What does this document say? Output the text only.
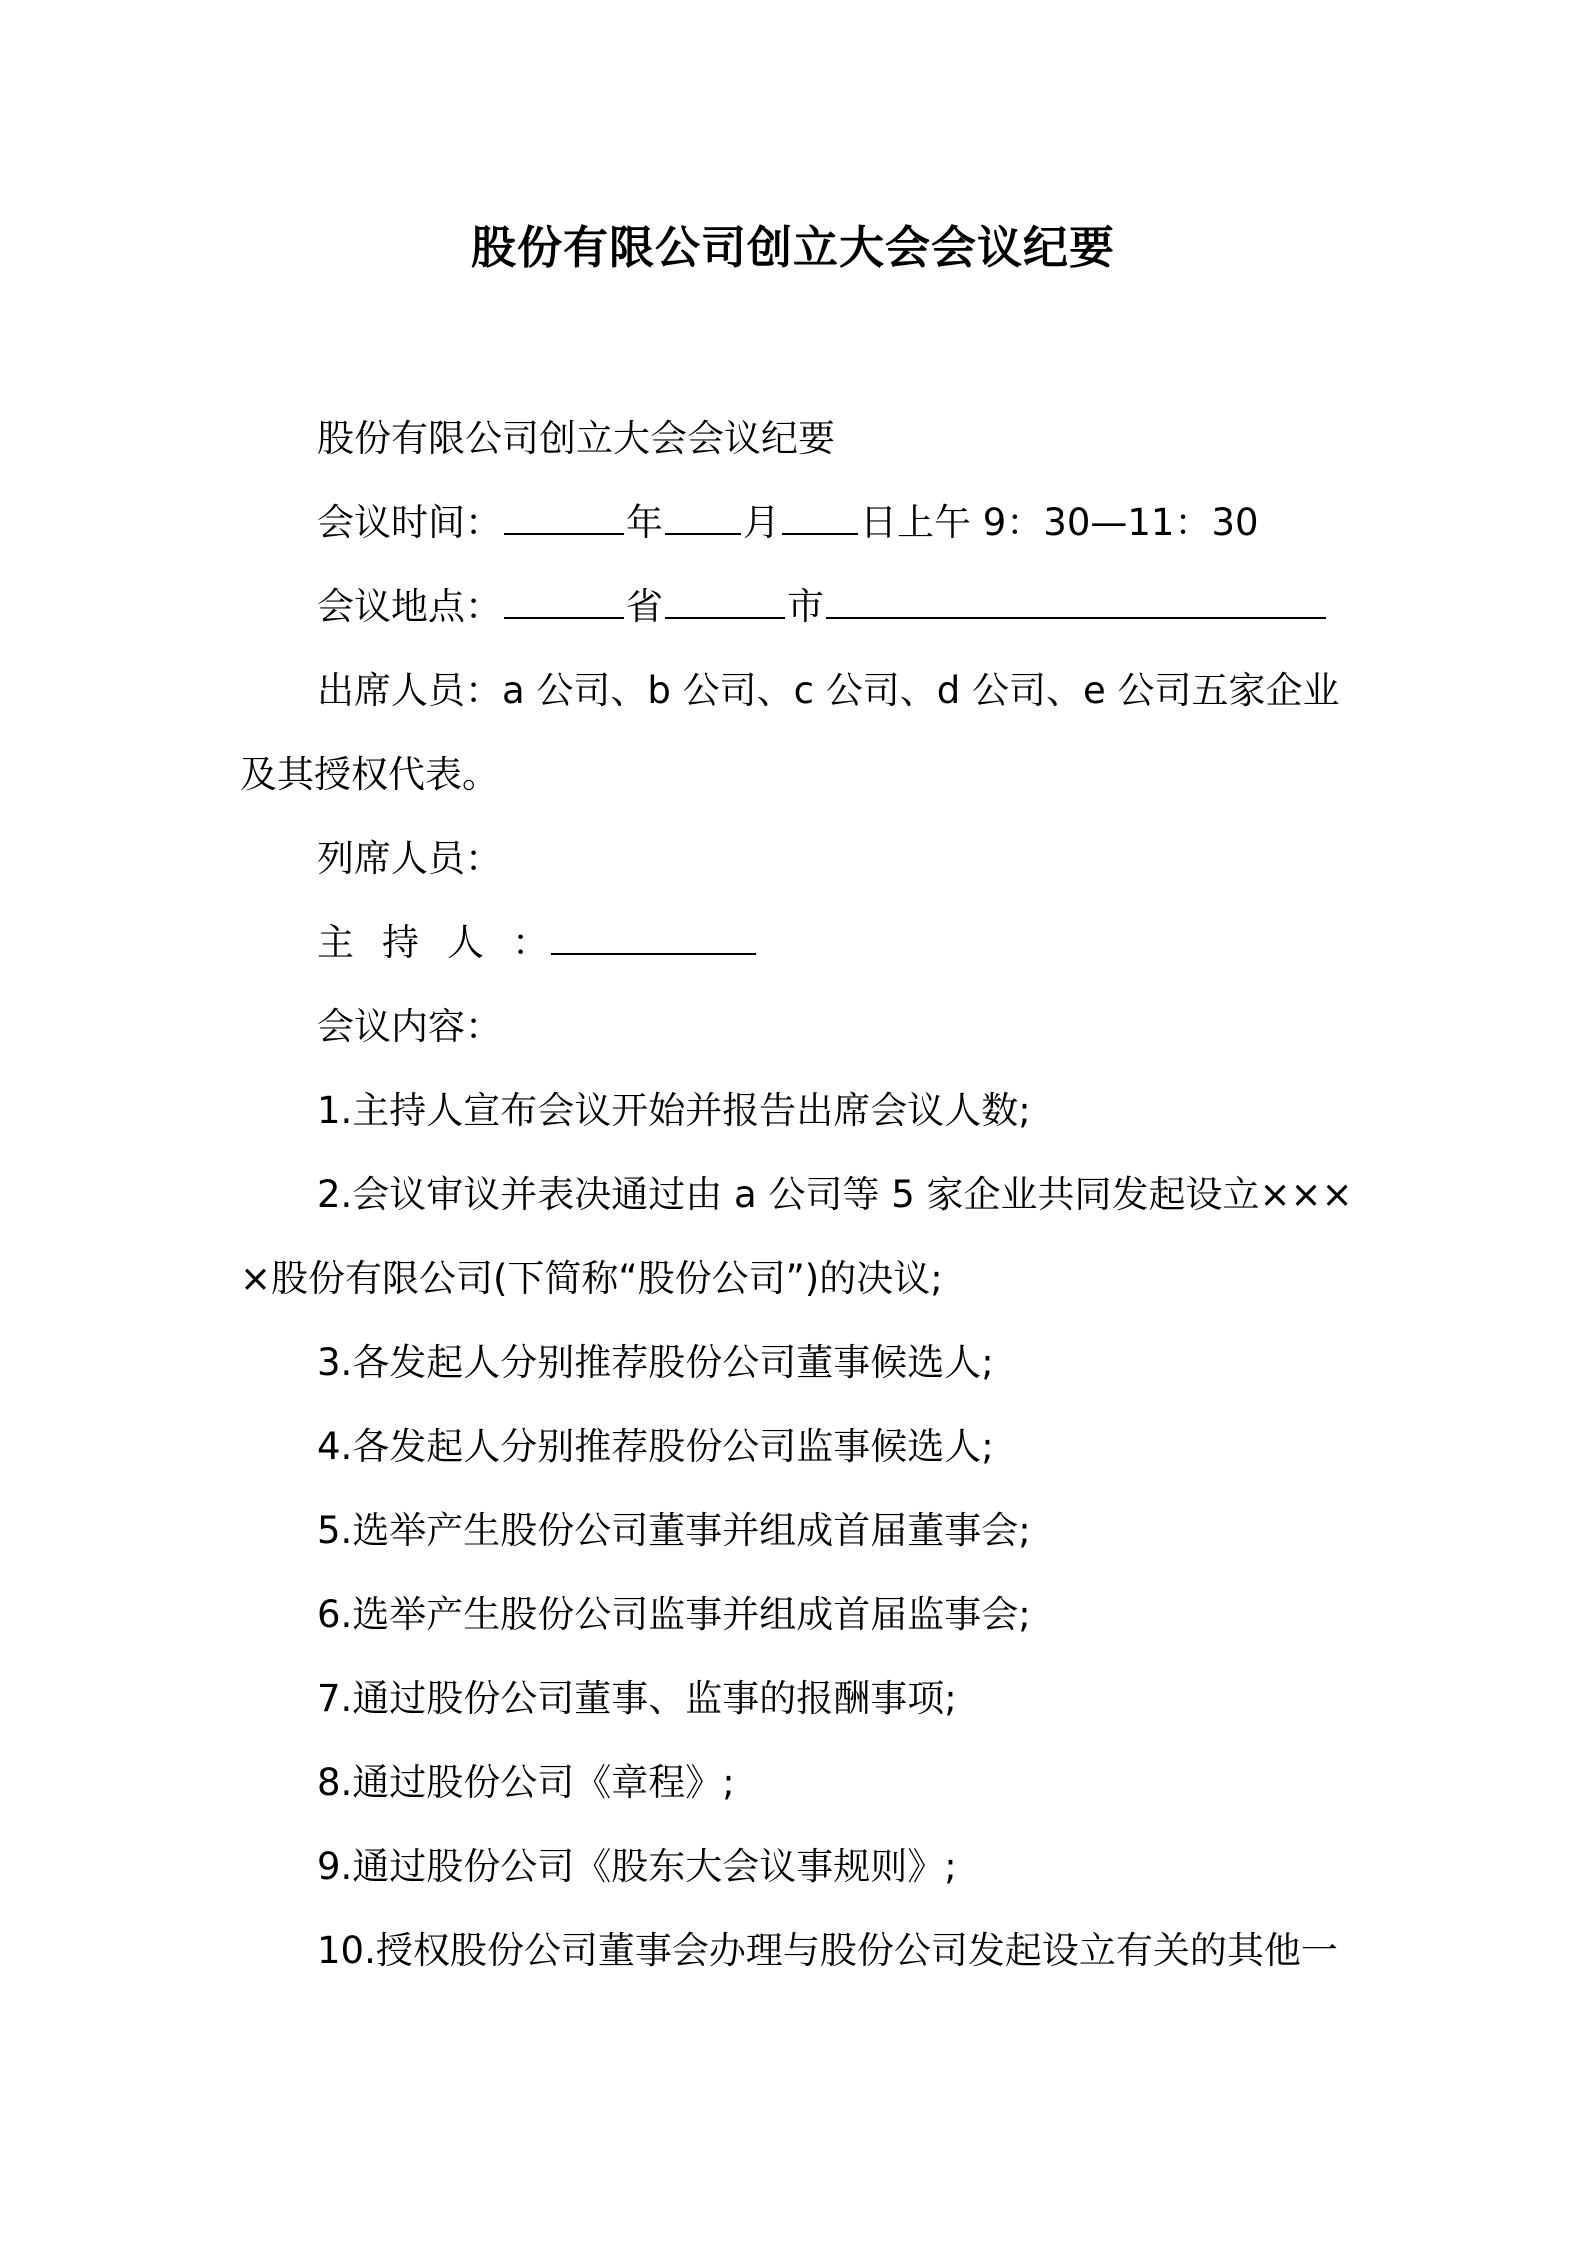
股份有限公司创立大会会议纪要

股份有限公司创立大会会议纪要

会议时间：	年 月 日上午 9：30—11：30

会议地点：	省	市

出席人员：a 公司、b 公司、c 公司、d 公司、e 公司五家企业

及其授权代表。

列席人员：

主持人：

会议内容：

1.主持人宣布会议开始并报告出席会议人数;

2.会议审议并表决通过由 a 公司等 5 家企业共同发起设立×××

×股份有限公司(下简称“股份公司”)的决议;

3.各发起人分别推荐股份公司董事候选人;

4.各发起人分别推荐股份公司监事候选人;

5.选举产生股份公司董事并组成首届董事会;

6.选举产生股份公司监事并组成首届监事会;

7.通过股份公司董事、监事的报酬事项;

8.通过股份公司《章程》;

9.通过股份公司《股东大会议事规则》;

10.授权股份公司董事会办理与股份公司发起设立有关的其他一
